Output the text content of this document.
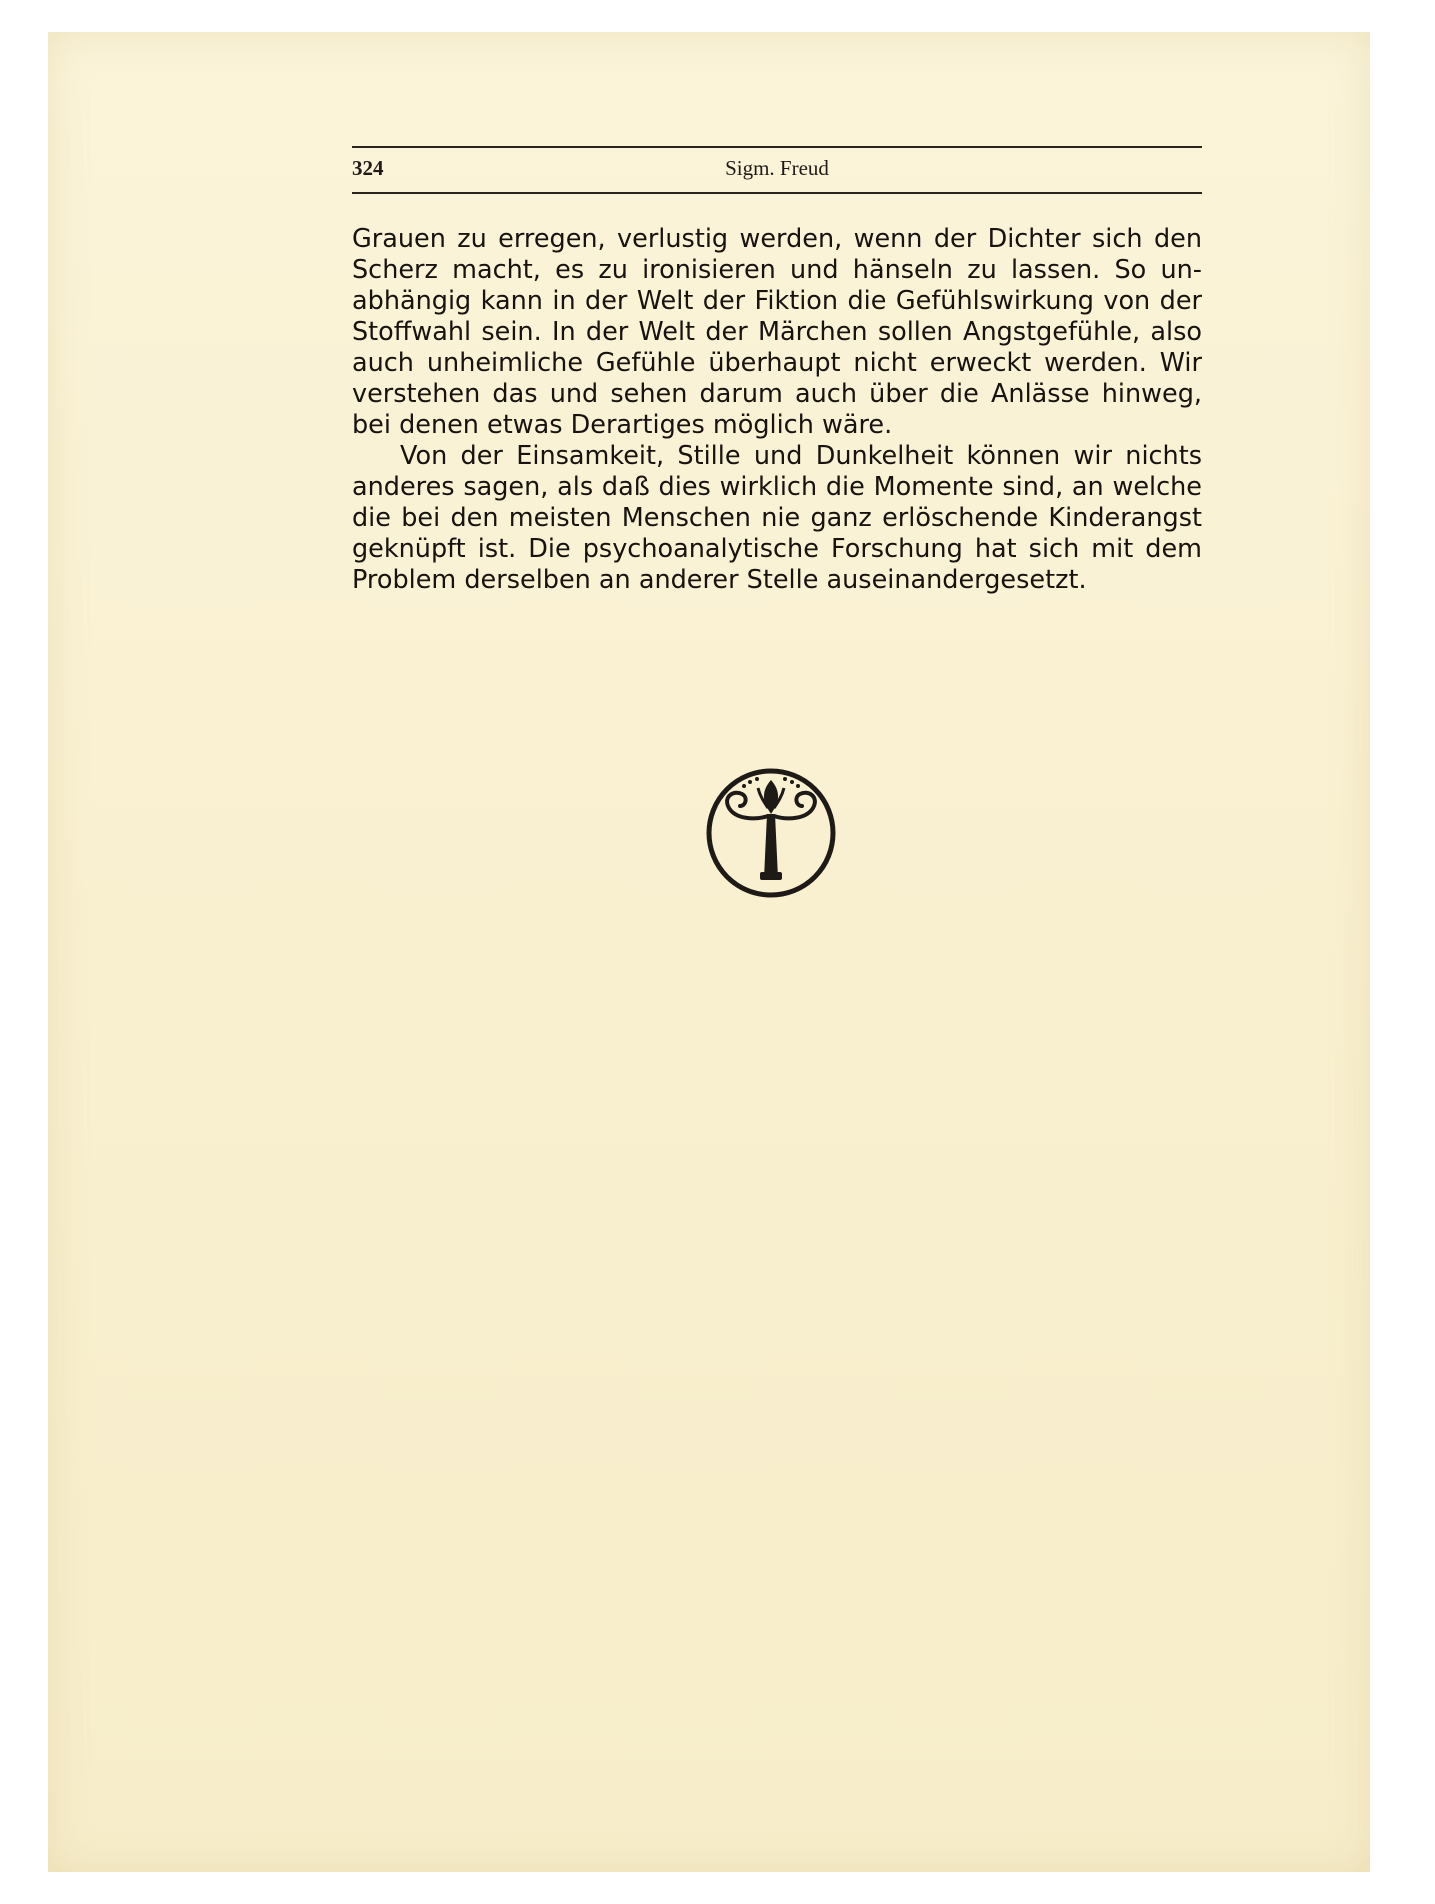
324	Sigm. Freud

Grauen zu erregen, verlustig werden, wenn der Dichter sich den Scherz macht, es zu ironisieren und hänseln zu lassen. So un-abhängig kann in der Welt der Fiktion die Gefühlswirkung von der Stoffwahl sein. In der Welt der Märchen sollen Angstgefühle, also auch unheimliche Gefühle überhaupt nicht erweckt werden. Wir verstehen das und sehen darum auch über die Anlässe hinweg, bei denen etwas Derartiges möglich wäre.

Von der Einsamkeit, Stille und Dunkelheit können wir nichts anderes sagen, als daß dies wirklich die Momente sind, an welche die bei den meisten Menschen nie ganz erlöschende Kinderangst geknüpft ist. Die psychoanalytische Forschung hat sich mit dem Problem derselben an anderer Stelle auseinandergesetzt.
